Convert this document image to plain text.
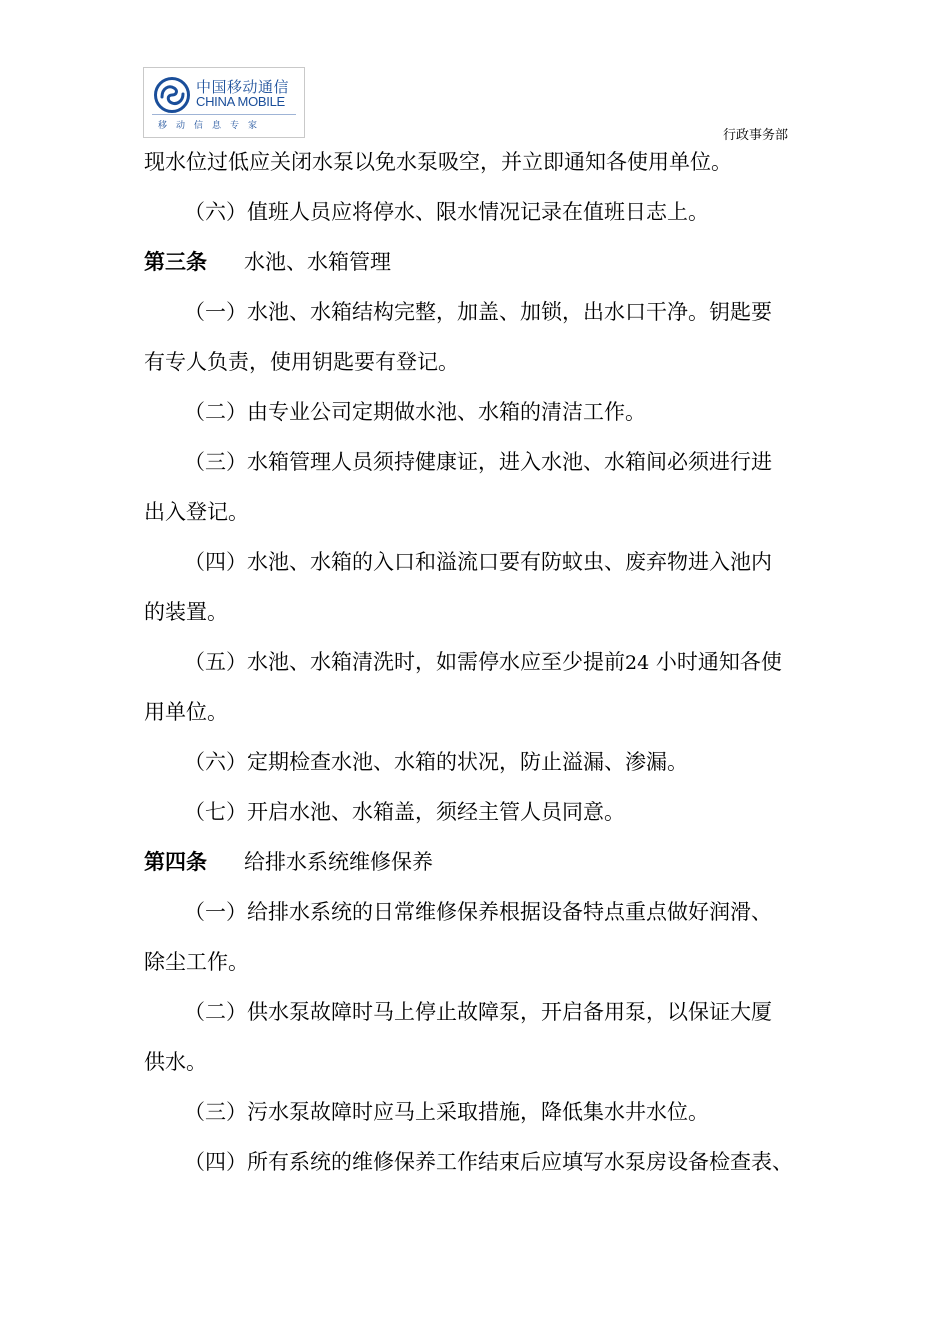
中国移动通信
CHINA MOBILE
移动信息专家
行政事务部
现水位过低应关闭水泵以免水泵吸空，并立即通知各使用单位。
（六）值班人员应将停水、限水情况记录在值班日志上。
第三条 水池、水箱管理
（一）水池、水箱结构完整，加盖、加锁，出水口干净。钥匙要
有专人负责，使用钥匙要有登记。
（二）由专业公司定期做水池、水箱的清洁工作。
（三）水箱管理人员须持健康证，进入水池、水箱间必须进行进
出入登记。
（四）水池、水箱的入口和溢流口要有防蚊虫、废弃物进入池内
的装置。
（五）水池、水箱清洗时，如需停水应至少提前24 小时通知各使
用单位。
（六）定期检查水池、水箱的状况，防止溢漏、渗漏。
（七）开启水池、水箱盖，须经主管人员同意。
第四条 给排水系统维修保养
（一）给排水系统的日常维修保养根据设备特点重点做好润滑、
除尘工作。
（二）供水泵故障时马上停止故障泵，开启备用泵，以保证大厦
供水。
（三）污水泵故障时应马上采取措施，降低集水井水位。
（四）所有系统的维修保养工作结束后应填写水泵房设备检查表、
